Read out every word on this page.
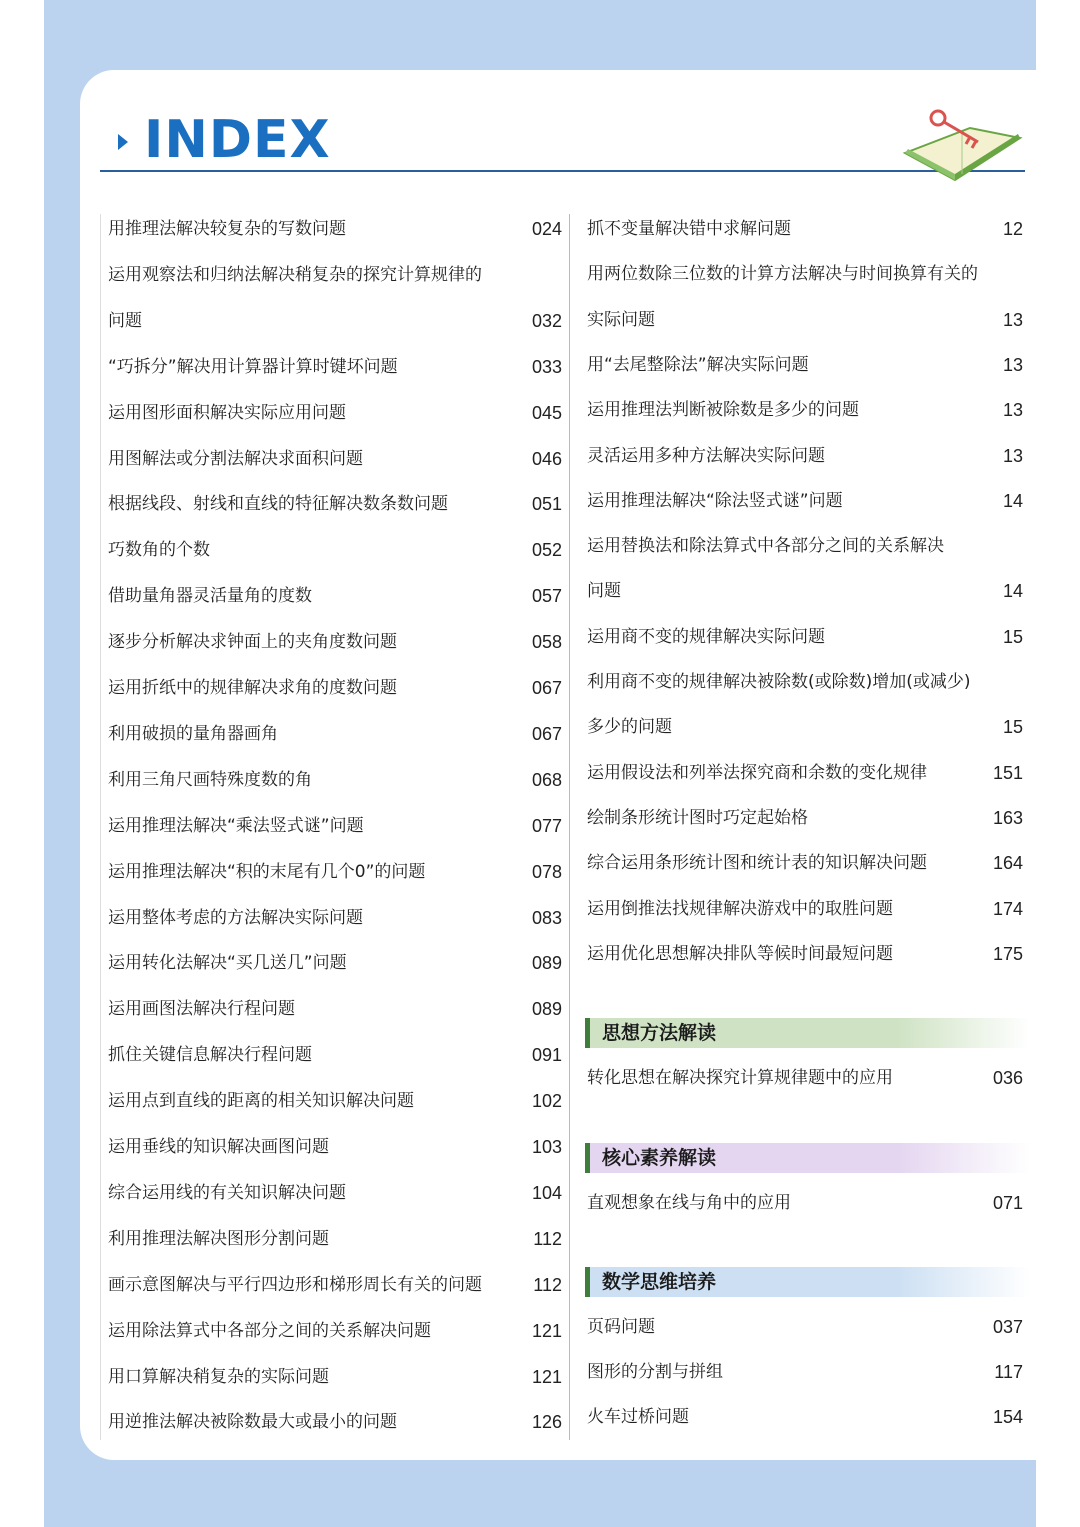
INDEX
用推理法解决较复杂的写数问题	024
运用观察法和归纳法解决稍复杂的探究计算规律的
问题	032
“巧拆分”解决用计算器计算时键坏问题	033
运用图形面积解决实际应用问题	045
用图解法或分割法解决求面积问题	046
根据线段、射线和直线的特征解决数条数问题	051
巧数角的个数	052
借助量角器灵活量角的度数	057
逐步分析解决求钟面上的夹角度数问题	058
运用折纸中的规律解决求角的度数问题	067
利用破损的量角器画角	067
利用三角尺画特殊度数的角	068
运用推理法解决“乘法竖式谜”问题	077
运用推理法解决“积的末尾有几个0”的问题	078
运用整体考虑的方法解决实际问题	083
运用转化法解决“买几送几”问题	089
运用画图法解决行程问题	089
抓住关键信息解决行程问题	091
运用点到直线的距离的相关知识解决问题	102
运用垂线的知识解决画图问题	103
综合运用线的有关知识解决问题	104
利用推理法解决图形分割问题	112
画示意图解决与平行四边形和梯形周长有关的问题	112
运用除法算式中各部分之间的关系解决问题	121
用口算解决稍复杂的实际问题	121
用逆推法解决被除数最大或最小的问题	126
抓不变量解决错中求解问题	12
用两位数除三位数的计算方法解决与时间换算有关的
实际问题	13
用“去尾整除法”解决实际问题	13
运用推理法判断被除数是多少的问题	13
灵活运用多种方法解决实际问题	13
运用推理法解决“除法竖式谜”问题	14
运用替换法和除法算式中各部分之间的关系解决
问题	14
运用商不变的规律解决实际问题	15
利用商不变的规律解决被除数(或除数)增加(或减少)
多少的问题	15
运用假设法和列举法探究商和余数的变化规律	151
绘制条形统计图时巧定起始格	163
综合运用条形统计图和统计表的知识解决问题	164
运用倒推法找规律解决游戏中的取胜问题	174
运用优化思想解决排队等候时间最短问题	175
思想方法解读
转化思想在解决探究计算规律题中的应用	036
核心素养解读
直观想象在线与角中的应用	071
数学思维培养
页码问题	037
图形的分割与拼组	117
火车过桥问题	154
